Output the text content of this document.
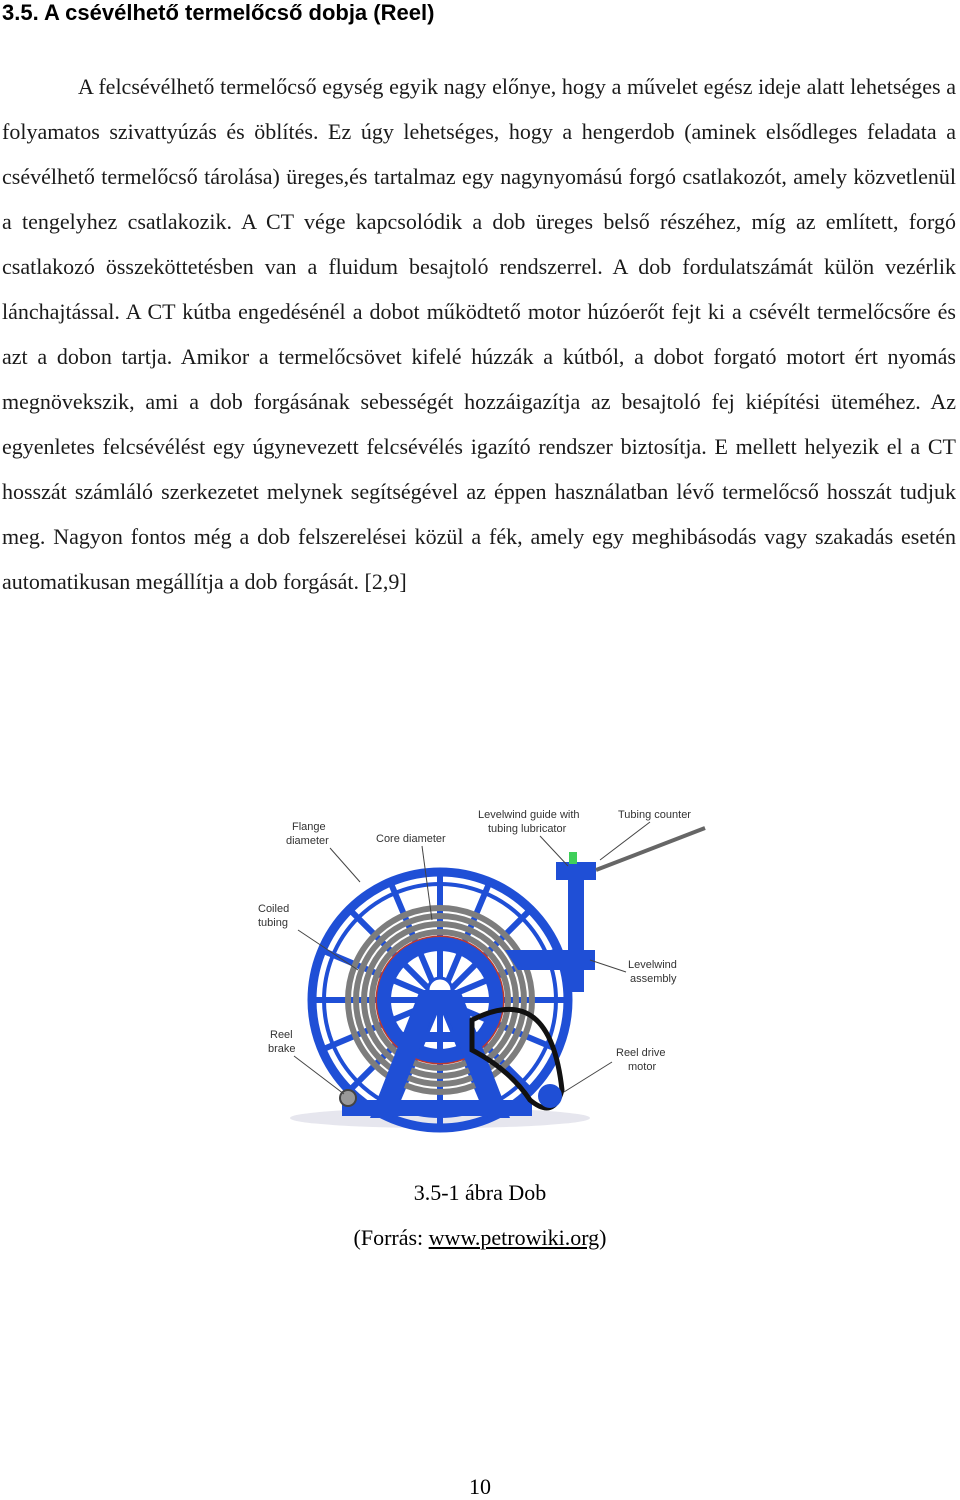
3.5. A csévélhető termelőcső dobja (Reel)

A felcsévélhető termelőcső egység egyik nagy előnye, hogy a művelet egész ideje alatt lehetséges a folyamatos szivattyúzás és öblítés. Ez úgy lehetséges, hogy a hengerdob (aminek elsődleges feladata a csévélhető termelőcső tárolása) üreges,és tartalmaz egy nagynyomású forgó csatlakozót, amely közvetlenül a tengelyhez csatlakozik. A CT vége kapcsolódik a dob üreges belső részéhez, míg az említett, forgó csatlakozó összeköttetésben van a fluidum besajtoló rendszerrel. A dob fordulatszámát külön vezérlik lánchajtással. A CT kútba engedésénél a dobot működtető motor húzóerőt fejt ki a csévélt termelőcsőre és azt a dobon tartja. Amikor a termelőcsövet kifelé húzzák a kútból, a dobot forgató motort ért nyomás megnövekszik, ami a dob forgásának sebességét hozzáigazítja az besajtoló fej kiépítési üteméhez. Az egyenletes felcsévélést egy úgynevezett felcsévélés igazító rendszer biztosítja. E mellett helyezik el a CT hosszát számláló szerkezetet melynek segítségével az éppen használatban lévő termelőcső hosszát tudjuk meg. Nagyon fontos még a dob felszerelései közül a fék, amely egy meghibásodás vagy szakadás esetén automatikusan megállítja a dob forgását. [2,9]

Flange
diameter	Core diameter
Levelwind guide with
tubing lubricator
Tubing counter
Coiled
tubing
Levelwind
assembly
Reel
brake	Reel drive
motor

3.5-1 ábra Dob

(Forrás: www.petrowiki.org)

10
